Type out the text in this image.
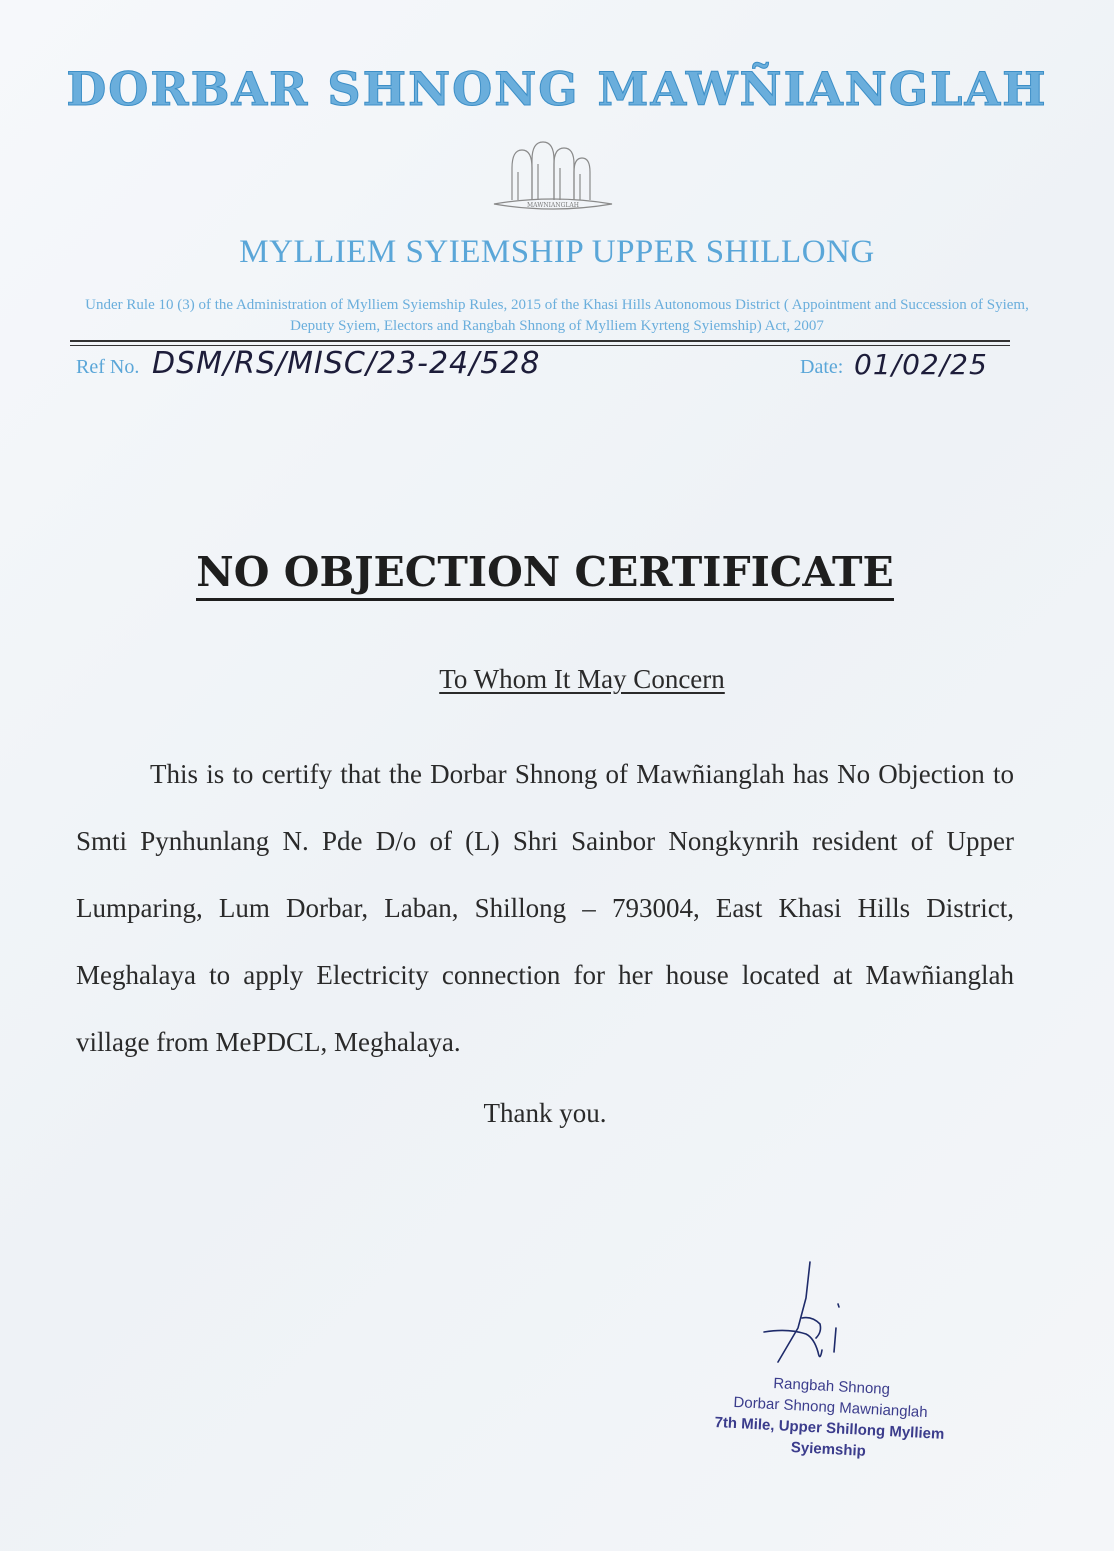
DORBAR SHNONG MAWÑIANGLAH
MAWNIANGLAH
MYLLIEM SYIEMSHIP UPPER SHILLONG
Under Rule 10 (3) of the Administration of Mylliem Syiemship Rules, 2015 of the Khasi Hills Autonomous District ( Appointment and Succession of Syiem, Deputy Syiem, Electors and Rangbah Shnong of Mylliem Kyrteng Syiemship) Act, 2007
Ref No. DSM/RS/MISC/23-24/528	Date: 01/02/25
NO OBJECTION CERTIFICATE
To Whom It May Concern
This is to certify that the Dorbar Shnong of Mawñianglah has No Objection to Smti Pynhunlang N. Pde D/o of (L) Shri Sainbor Nongkynrih resident of Upper Lumparing, Lum Dorbar, Laban, Shillong – 793004, East Khasi Hills District, Meghalaya to apply Electricity connection for her house located at Mawñianglah village from MePDCL, Meghalaya.
Thank you.
Rangbah Shnong
Dorbar Shnong Mawnianglah
7th Mile, Upper Shillong Mylliem Syiemship
